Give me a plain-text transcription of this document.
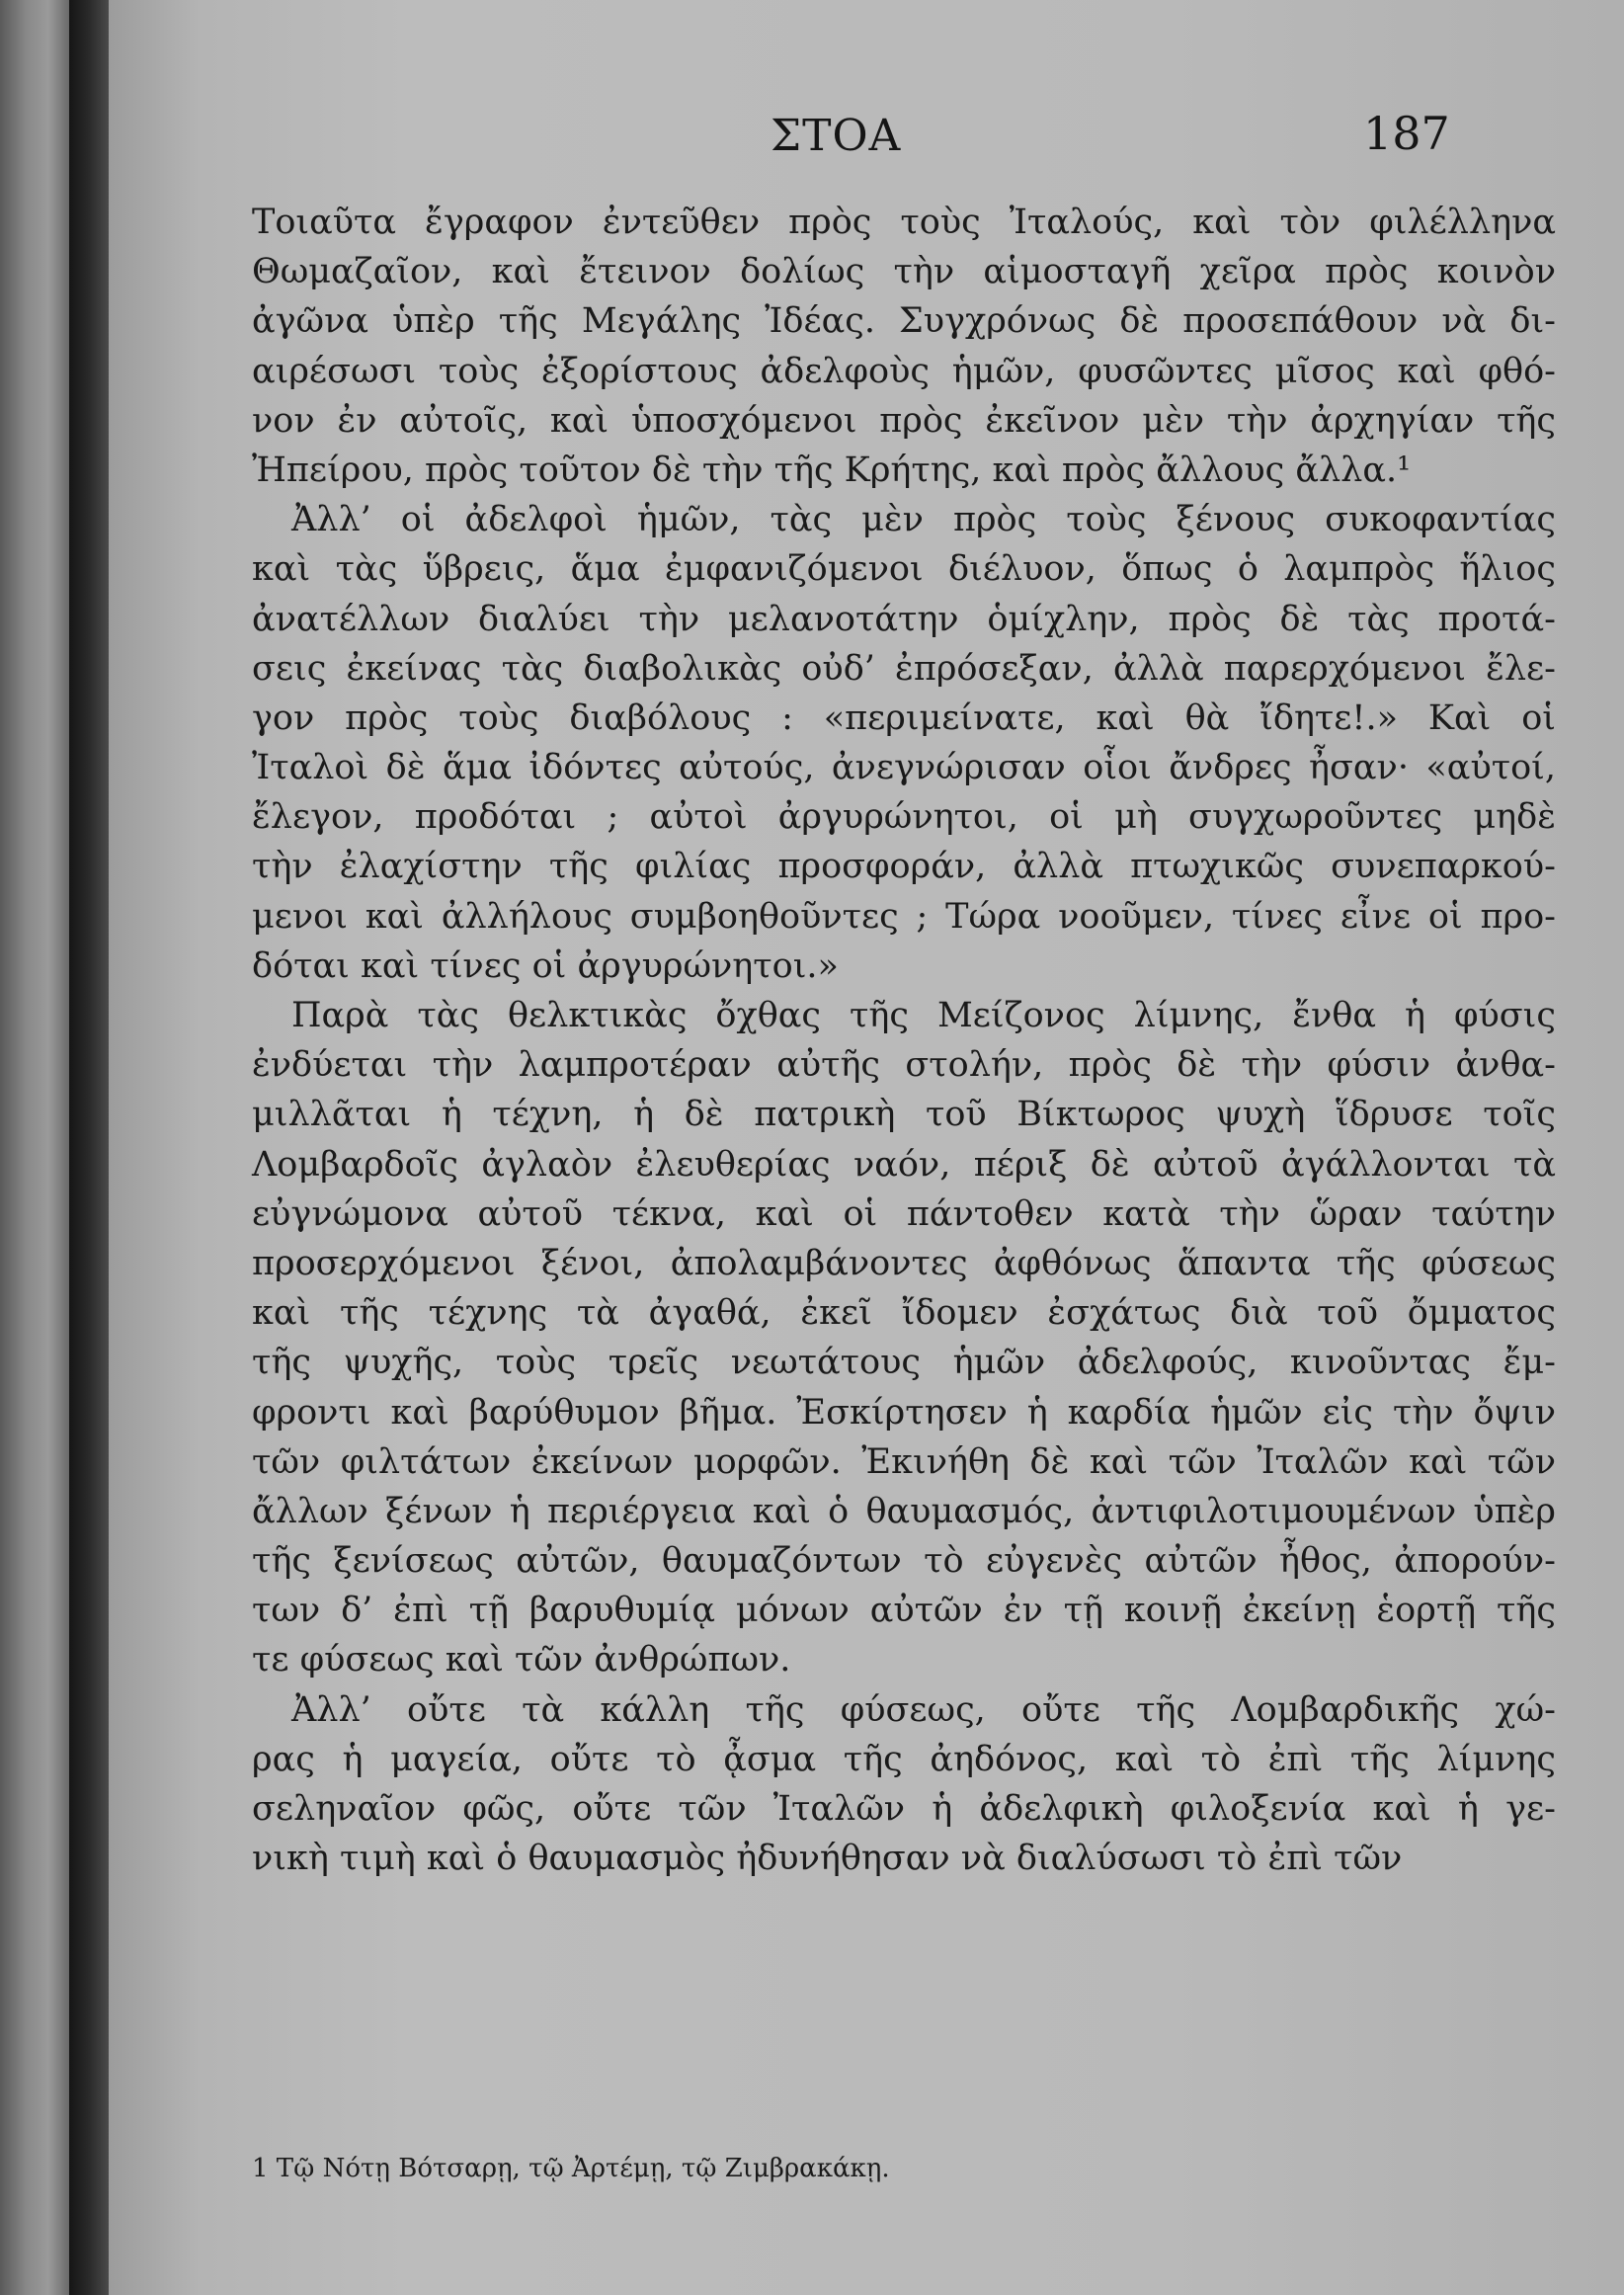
ΣΤΟΑ	187
Τοιαῦτα ἔγραφον ἐντεῦθεν πρὸς τοὺς Ἰταλούς, καὶ τὸν φιλέλληνα
Θωμαζαῖον, καὶ ἔτεινον δολίως τὴν αἱμοσταγῆ χεῖρα πρὸς κοινὸν
ἀγῶνα ὑπὲρ τῆς Μεγάλης Ἰδέας. Συγχρόνως δὲ προσεπάθουν νὰ δι-
αιρέσωσι τοὺς ἐξορίστους ἀδελφοὺς ἡμῶν, φυσῶντες μῖσος καὶ φθό-
νον ἐν αὐτοῖς, καὶ ὑποσχόμενοι πρὸς ἐκεῖνον μὲν τὴν ἀρχηγίαν τῆς
Ἠπείρου, πρὸς τοῦτον δὲ τὴν τῆς Κρήτης, καὶ πρὸς ἄλλους ἄλλα.¹
Ἀλλ’ οἱ ἀδελφοὶ ἡμῶν, τὰς μὲν πρὸς τοὺς ξένους συκοφαντίας
καὶ τὰς ὕβρεις, ἅμα ἐμφανιζόμενοι διέλυον, ὅπως ὁ λαμπρὸς ἥλιος
ἀνατέλλων διαλύει τὴν μελανοτάτην ὁμίχλην, πρὸς δὲ τὰς προτά-
σεις ἐκείνας τὰς διαβολικὰς οὐδ’ ἐπρόσεξαν, ἀλλὰ παρερχόμενοι ἔλε-
γον πρὸς τοὺς διαβόλους : «περιμείνατε, καὶ θὰ ἴδητε!.» Καὶ οἱ
Ἰταλοὶ δὲ ἅμα ἰδόντες αὐτούς, ἀνεγνώρισαν οἷοι ἄνδρες ἦσαν· «αὐτοί,
ἔλεγον, προδόται ; αὐτοὶ ἀργυρώνητοι, οἱ μὴ συγχωροῦντες μηδὲ
τὴν ἐλαχίστην τῆς φιλίας προσφοράν, ἀλλὰ πτωχικῶς συνεπαρκού-
μενοι καὶ ἀλλήλους συμβοηθοῦντες ; Τώρα νοοῦμεν, τίνες εἶνε οἱ προ-
δόται καὶ τίνες οἱ ἀργυρώνητοι.»
Παρὰ τὰς θελκτικὰς ὄχθας τῆς Μείζονος λίμνης, ἔνθα ἡ φύσις
ἐνδύεται τὴν λαμπροτέραν αὐτῆς στολήν, πρὸς δὲ τὴν φύσιν ἀνθα-
μιλλᾶται ἡ τέχνη, ἡ δὲ πατρικὴ τοῦ Βίκτωρος ψυχὴ ἵδρυσε τοῖς
Λομβαρδοῖς ἀγλαὸν ἐλευθερίας ναόν, πέριξ δὲ αὐτοῦ ἀγάλλονται τὰ
εὐγνώμονα αὐτοῦ τέκνα, καὶ οἱ πάντοθεν κατὰ τὴν ὥραν ταύτην
προσερχόμενοι ξένοι, ἀπολαμβάνοντες ἀφθόνως ἅπαντα τῆς φύσεως
καὶ τῆς τέχνης τὰ ἀγαθά, ἐκεῖ ἴδομεν ἐσχάτως διὰ τοῦ ὄμματος
τῆς ψυχῆς, τοὺς τρεῖς νεωτάτους ἡμῶν ἀδελφούς, κινοῦντας ἔμ-
φροντι καὶ βαρύθυμον βῆμα. Ἐσκίρτησεν ἡ καρδία ἡμῶν εἰς τὴν ὄψιν
τῶν φιλτάτων ἐκείνων μορφῶν. Ἐκινήθη δὲ καὶ τῶν Ἰταλῶν καὶ τῶν
ἄλλων ξένων ἡ περιέργεια καὶ ὁ θαυμασμός, ἀντιφιλοτιμουμένων ὑπὲρ
τῆς ξενίσεως αὐτῶν, θαυμαζόντων τὸ εὐγενὲς αὐτῶν ἦθος, ἀπορούν-
των δ’ ἐπὶ τῇ βαρυθυμίᾳ μόνων αὐτῶν ἐν τῇ κοινῇ ἐκείνῃ ἑορτῇ τῆς
τε φύσεως καὶ τῶν ἀνθρώπων.
Ἀλλ’ οὔτε τὰ κάλλη τῆς φύσεως, οὔτε τῆς Λομβαρδικῆς χώ-
ρας ἡ μαγεία, οὔτε τὸ ᾆσμα τῆς ἀηδόνος, καὶ τὸ ἐπὶ τῆς λίμνης
σεληναῖον φῶς, οὔτε τῶν Ἰταλῶν ἡ ἀδελφικὴ φιλοξενία καὶ ἡ γε-
νικὴ τιμὴ καὶ ὁ θαυμασμὸς ἠδυνήθησαν νὰ διαλύσωσι τὸ ἐπὶ τῶν
1 Τῷ Νότῃ Βότσαρῃ, τῷ Ἀρτέμῃ, τῷ Ζιμβρακάκῃ.
